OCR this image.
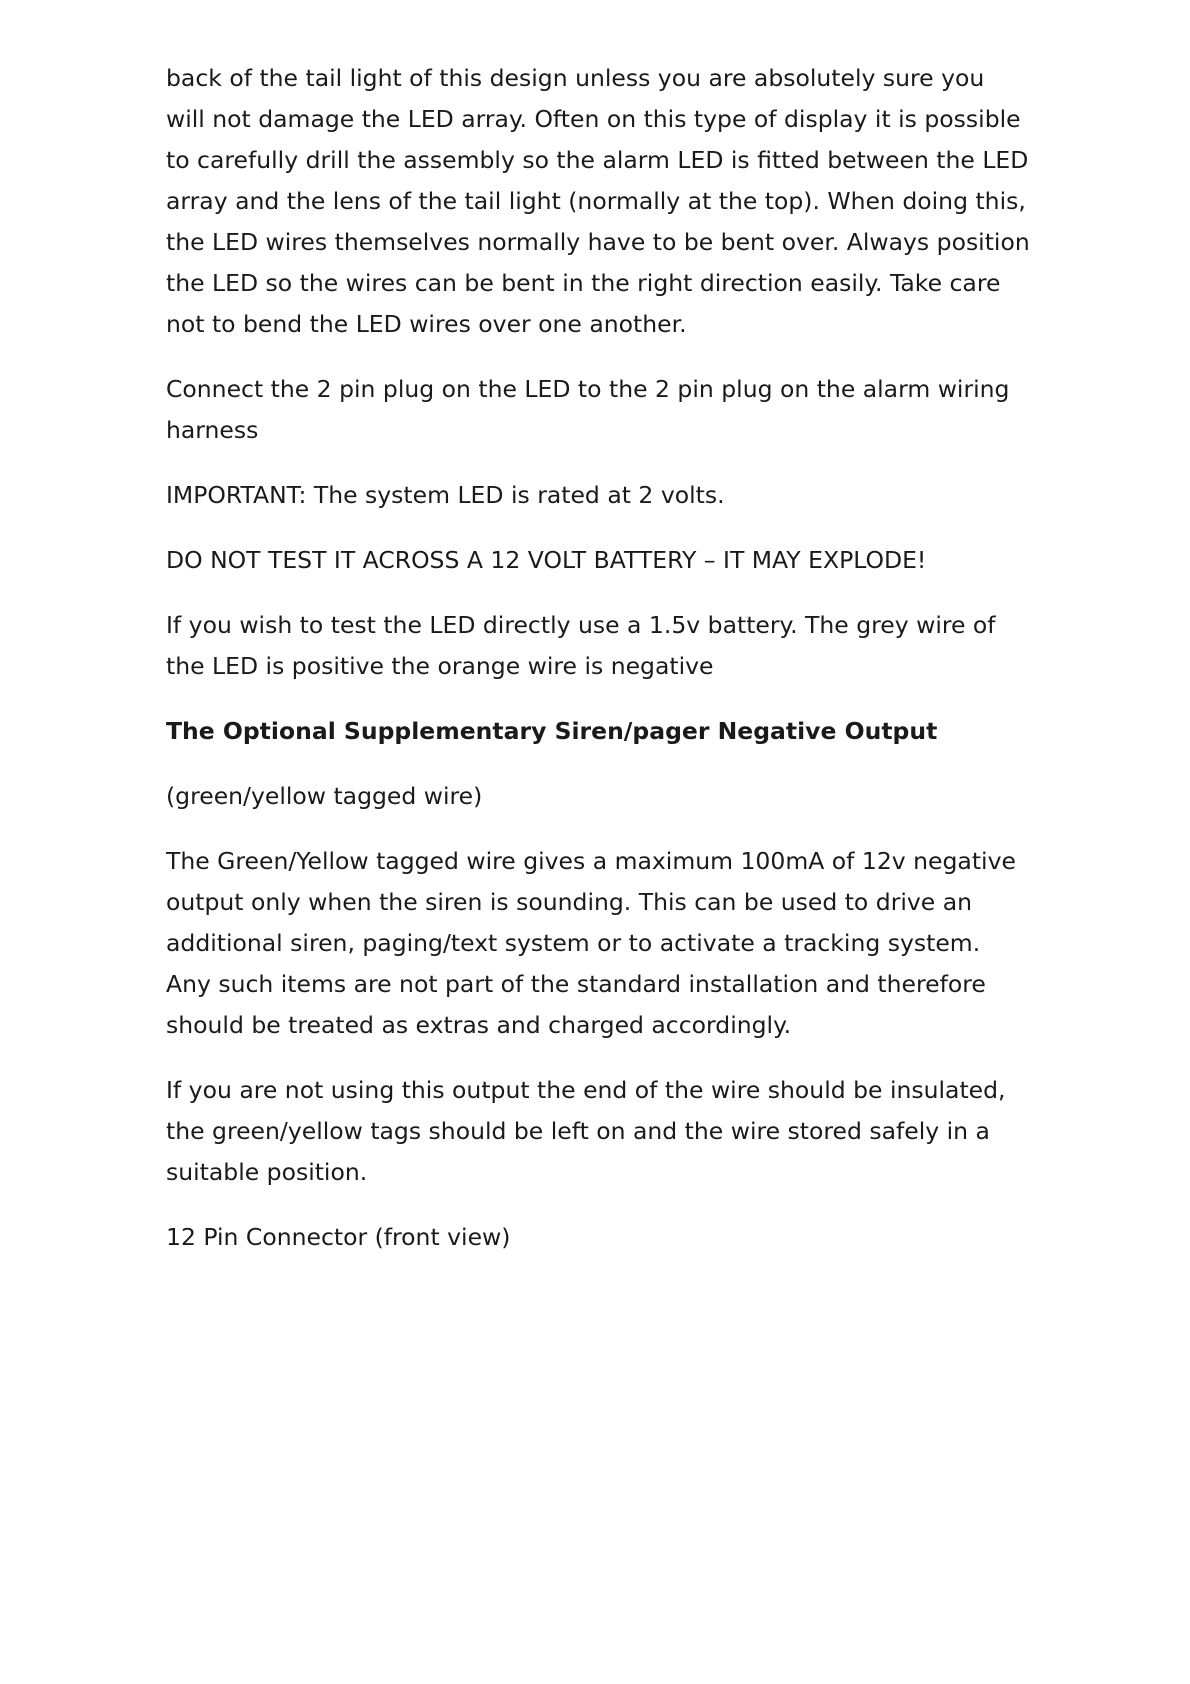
back of the tail light of this design unless you are absolutely sure you will not damage the LED array. Often on this type of display it is possible to carefully drill the assembly so the alarm LED is fitted between the LED array and the lens of the tail light (normally at the top). When doing this, the LED wires themselves normally have to be bent over. Always position the LED so the wires can be bent in the right direction easily. Take care not to bend the LED wires over one another.

Connect the 2 pin plug on the LED to the 2 pin plug on the alarm wiring harness

IMPORTANT: The system LED is rated at 2 volts.

DO NOT TEST IT ACROSS A 12 VOLT BATTERY – IT MAY EXPLODE!

If you wish to test the LED directly use a 1.5v battery. The grey wire of the LED is positive the orange wire is negative

The Optional Supplementary Siren/pager Negative Output

(green/yellow tagged wire)

The Green/Yellow tagged wire gives a maximum 100mA of 12v negative output only when the siren is sounding. This can be used to drive an additional siren, paging/text system or to activate a tracking system. Any such items are not part of the standard installation and therefore should be treated as extras and charged accordingly.

If you are not using this output the end of the wire should be insulated, the green/yellow tags should be left on and the wire stored safely in a suitable position.

12 Pin Connector (front view)
